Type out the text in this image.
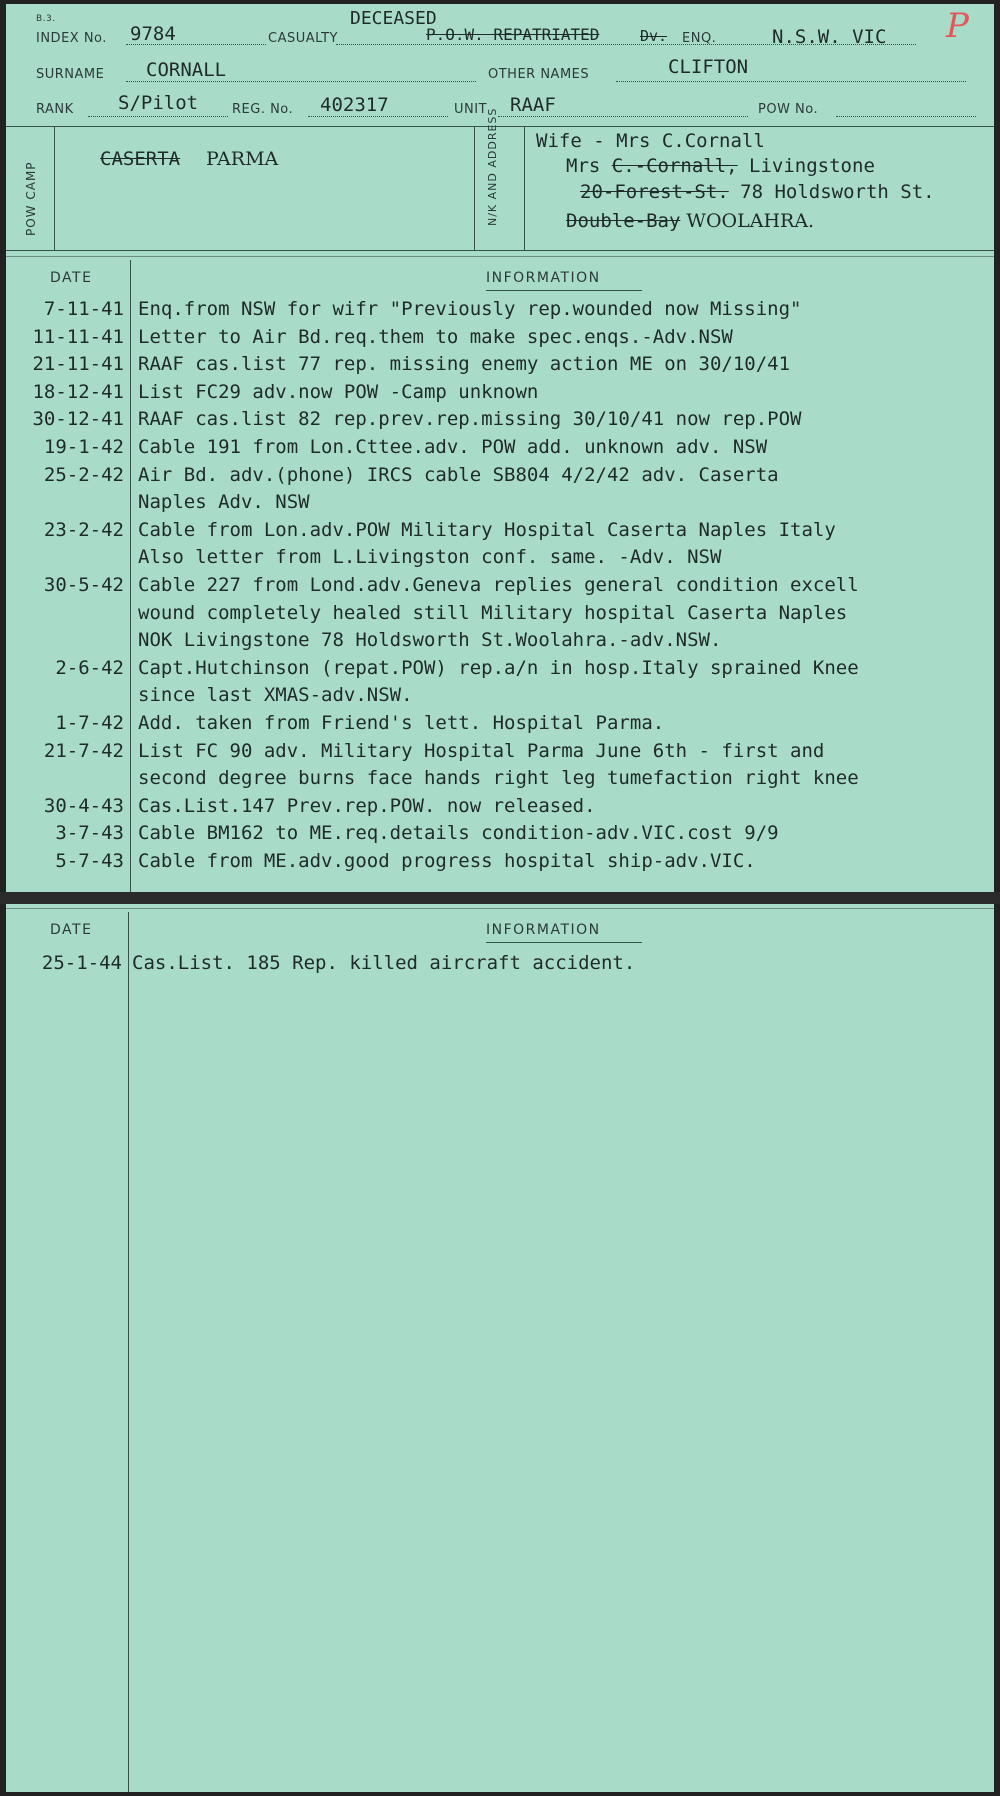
B.3.
INDEX No. 9784	CASUALTY
DECEASED
P.O.W. REPATRIATED	Dv. ENQ.	N.S.W. VIC P
SURNAME CORNALL	OTHER NAMES	CLIFTON
RANK S/Pilot	REG. No. 402317	UNIT RAAF	POW No.
POW CAMP
CASERTA PARMA	N/K AND ADDRESS Wife - Mrs C.Cornall
Mrs C.-Cornall, Livingstone
20-Forest-St. 78 Holdsworth St.
Double-Bay WOOLAHRA.
DATE	INFORMATION
7-11-41 Enq.from NSW for wifr "Previously rep.wounded now Missing"
11-11-41 Letter to Air Bd.req.them to make spec.enqs.-Adv.NSW
21-11-41 RAAF cas.list 77 rep. missing enemy action ME on 30/10/41
18-12-41 List FC29 adv.now POW -Camp unknown
30-12-41 RAAF cas.list 82 rep.prev.rep.missing 30/10/41 now rep.POW
19-1-42 Cable 191 from Lon.Cttee.adv. POW add. unknown adv. NSW
25-2-42 Air Bd. adv.(phone) IRCS cable SB804 4/2/42 adv. Caserta
Naples Adv. NSW
23-2-42 Cable from Lon.adv.POW Military Hospital Caserta Naples Italy
Also letter from L.Livingston conf. same. -Adv. NSW
30-5-42 Cable 227 from Lond.adv.Geneva replies general condition excell
wound completely healed still Military hospital Caserta Naples
NOK Livingstone 78 Holdsworth St.Woolahra.-adv.NSW.
2-6-42 Capt.Hutchinson (repat.POW) rep.a/n in hosp.Italy sprained Knee
since last XMAS-adv.NSW.
1-7-42 Add. taken from Friend's lett. Hospital Parma.
21-7-42 List FC 90 adv. Military Hospital Parma June 6th - first and
second degree burns face hands right leg tumefaction right knee
30-4-43 Cas.List.147 Prev.rep.POW. now released.
3-7-43 Cable BM162 to ME.req.details condition-adv.VIC.cost 9/9
5-7-43 Cable from ME.adv.good progress hospital ship-adv.VIC.
DATE	INFORMATION
25-1-44 Cas.List. 185 Rep. killed aircraft accident.
